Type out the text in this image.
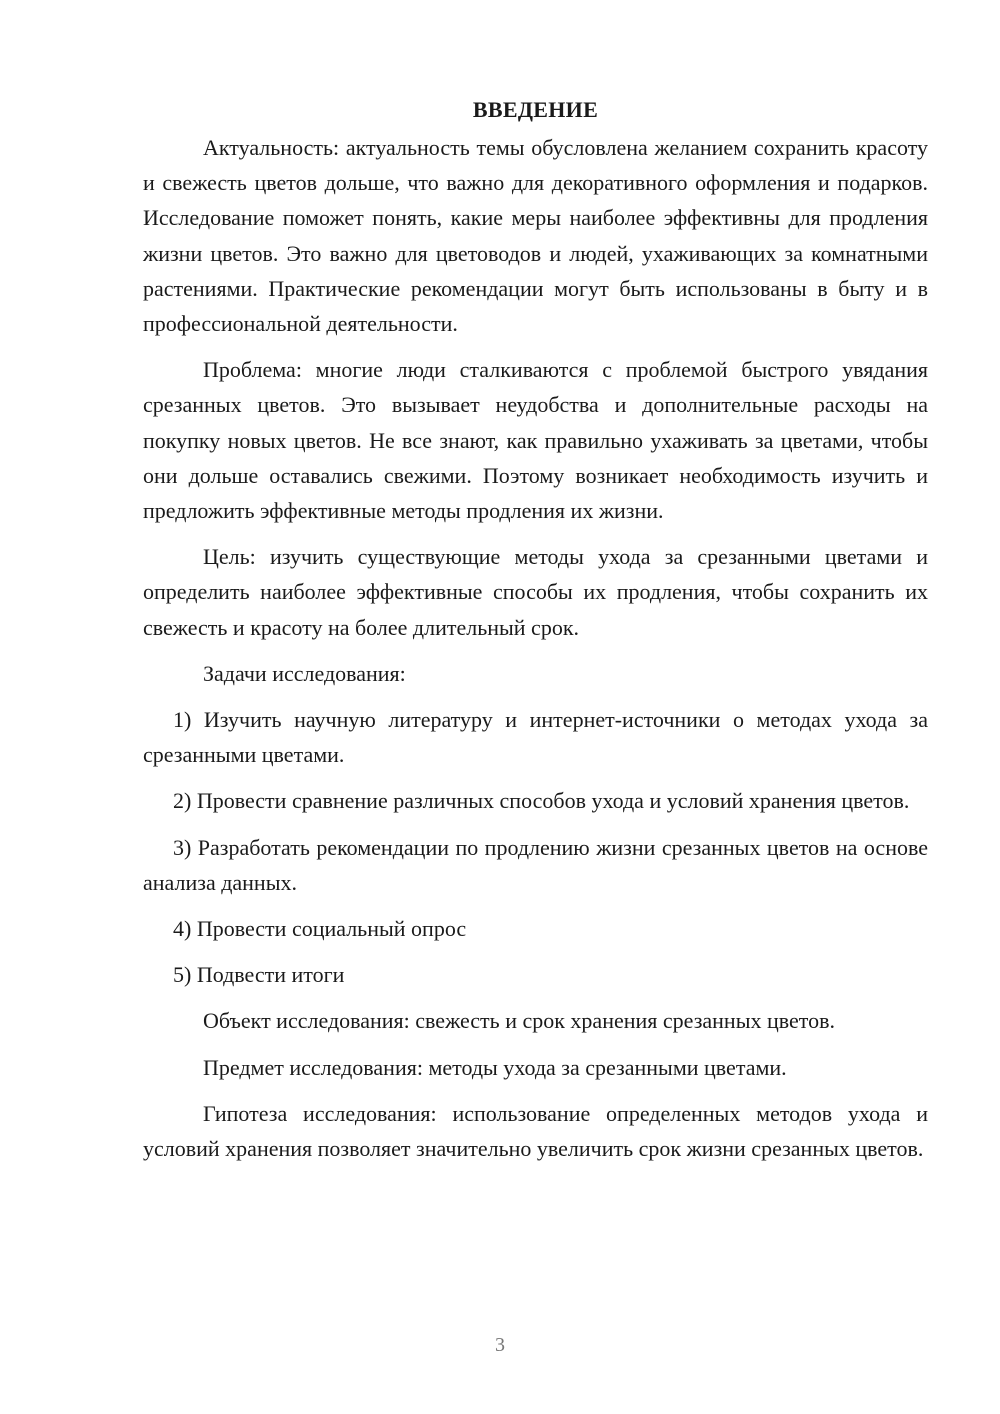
ВВЕДЕНИЕ

Актуальность: актуальность темы обусловлена желанием сохранить красоту и свежесть цветов дольше, что важно для декоративного оформления и подарков. Исследование поможет понять, какие меры наиболее эффективны для продления жизни цветов. Это важно для цветоводов и людей, ухаживающих за комнатными растениями. Практические рекомендации могут быть использованы в быту и в профессиональной деятельности.

Проблема: многие люди сталкиваются с проблемой быстрого увядания срезанных цветов. Это вызывает неудобства и дополнительные расходы на покупку новых цветов. Не все знают, как правильно ухаживать за цветами, чтобы они дольше оставались свежими. Поэтому возникает необходимость изучить и предложить эффективные методы продления их жизни.

Цель: изучить существующие методы ухода за срезанными цветами и определить наиболее эффективные способы их продления, чтобы сохранить их свежесть и красоту на более длительный срок.

Задачи исследования:

1) Изучить научную литературу и интернет-источники о методах ухода за срезанными цветами.

2) Провести сравнение различных способов ухода и условий хранения цветов.

3) Разработать рекомендации по продлению жизни срезанных цветов на основе анализа данных.

4) Провести социальный опрос

5) Подвести итоги

Объект исследования: свежесть и срок хранения срезанных цветов.

Предмет исследования: методы ухода за срезанными цветами.

Гипотеза исследования: использование определенных методов ухода и условий хранения позволяет значительно увеличить срок жизни срезанных цветов.

3
